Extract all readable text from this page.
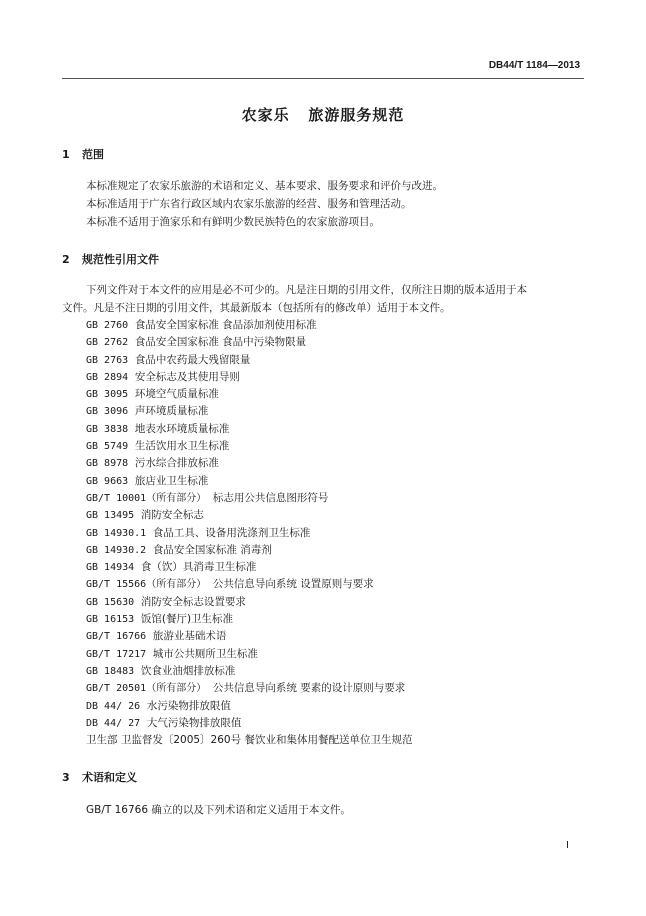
DB44/T 1184—2013
农家乐   旅游服务规范
1 范围
本标准规定了农家乐旅游的术语和定义、基本要求、服务要求和评价与改进。
本标准适用于广东省行政区域内农家乐旅游的经营、服务和管理活动。
本标准不适用于渔家乐和有鲜明少数民族特色的农家旅游项目。
2 规范性引用文件
下列文件对于本文件的应用是必不可少的。凡是注日期的引用文件，仅所注日期的版本适用于本
文件。凡是不注日期的引用文件，其最新版本（包括所有的修改单）适用于本文件。
GB 2760 食品安全国家标准 食品添加剂使用标准
GB 2762 食品安全国家标准 食品中污染物限量
GB 2763 食品中农药最大残留限量
GB 2894 安全标志及其使用导则
GB 3095 环境空气质量标准
GB 3096 声环境质量标准
GB 3838 地表水环境质量标准
GB 5749 生活饮用水卫生标准
GB 8978 污水综合排放标准
GB 9663 旅店业卫生标准
GB/T 10001（所有部分） 标志用公共信息图形符号
GB 13495 消防安全标志
GB 14930.1 食品工具、设备用洗涤剂卫生标准
GB 14930.2 食品安全国家标准 消毒剂
GB 14934 食（饮）具消毒卫生标准
GB/T 15566（所有部分） 公共信息导向系统 设置原则与要求
GB 15630 消防安全标志设置要求
GB 16153 饭馆(餐厅)卫生标准
GB/T 16766 旅游业基础术语
GB/T 17217 城市公共厕所卫生标准
GB 18483 饮食业油烟排放标准
GB/T 20501（所有部分） 公共信息导向系统 要素的设计原则与要求
DB 44/ 26 水污染物排放限值
DB 44/ 27 大气污染物排放限值
卫生部 卫监督发〔2005〕260号 餐饮业和集体用餐配送单位卫生规范
3 术语和定义
GB/T 16766 确立的以及下列术语和定义适用于本文件。
I
